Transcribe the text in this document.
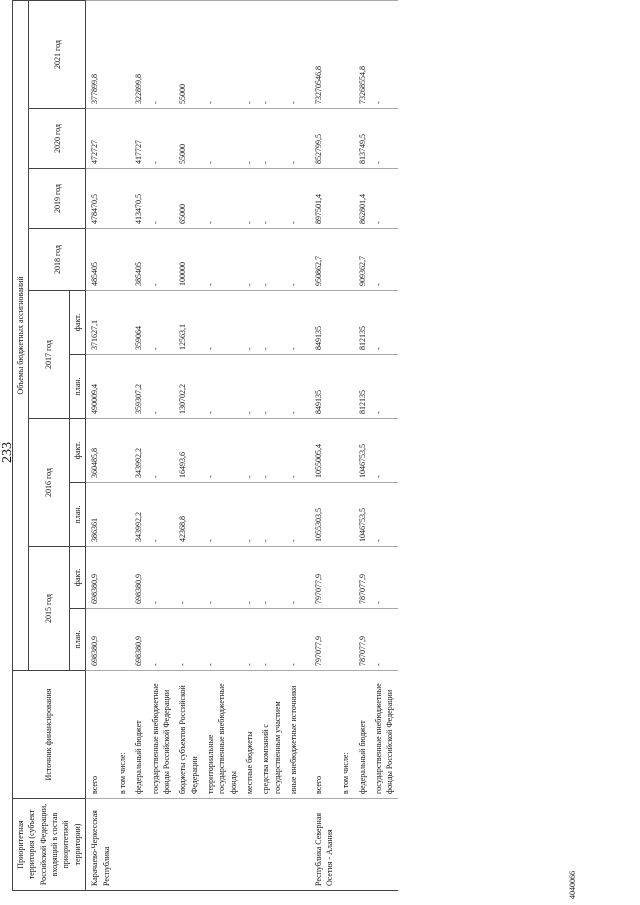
233
Приоритетная территория (субъект Российской Федерации, входящий в состав приоритетной территории)	Источник финансирования	Объемы бюджетных ассигнований									
		2015 год		2016 год		2017 год		2018 год	2019 год	2020 год	2021 год
		план.	факт.	план.	факт.	план.	факт.				
Карачаево-Черкесская Республика	всего	698380,9	698380,9	386361	360485,8	490009,4	371627,1	485405	478470,5	472727	377899,8
	в том числе:										
	федеральный бюджет	698380,9	698380,9	343992,2	343992,2	359307,2	359064	385405	413470,5	417727	322899,8
	государственные внебюджетные фонды Российской Федерации	-	-	-	-	-	-	-	-	-	-
	бюджеты субъектов Российской Федерации	-	-	42368,8	16493,6	130702,2	12563,1	100000	65000	55000	55000
	территориальные государственные внебюджетные фонды	-	-	-	-	-	-	-	-	-	-
	местные бюджеты	-	-	-	-	-	-	-	-	-	-
	средства компаний с государственным участием	-	-	-	-	-	-	-	-	-	-
	иные внебюджетные источники	-	-	-	-	-	-	-	-	-	-
Республика Северная Осетия - Алания	всего	797077,9	797077,9	1055303,5	1055005,4	849135	849135	950862,7	897501,4	852799,5	73270546,8
	в том числе:										
	федеральный бюджет	787077,9	787077,9	1046753,5	1046753,5	812135	812135	909362,7	862801,4	813749,5	73268554,8
	государственные внебюджетные фонды Российской Федерации	-	-	-	-	-	-	-	-	-	-
4040066
